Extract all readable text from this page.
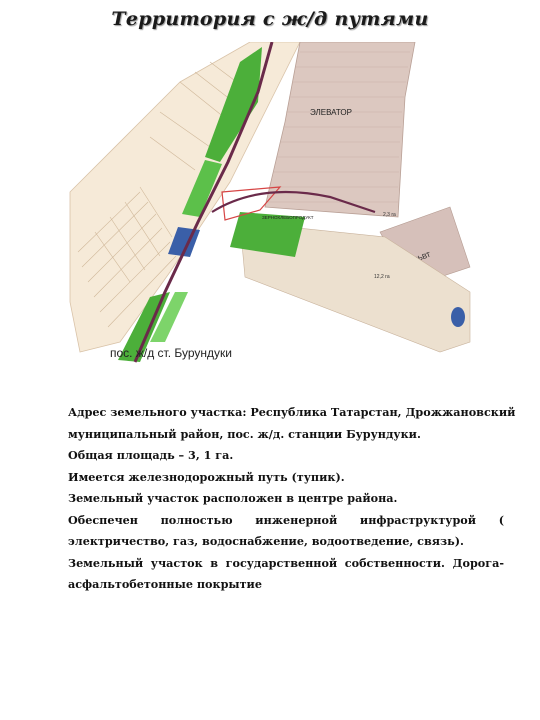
Территория с ж/д путями
ЭЛЕВАТОР
12,2 га
ЗЕРНОХЛЕБОПРОДУКТ	2,3 га
пос. ж/д ст. Бурундуки
Адрес земельного участка: Республика Татарстан, Дрожжановский
муниципальный район, пос. ж/д. станции Бурундуки.
Общая площадь – 3, 1 га.
Имеется железнодорожный путь (тупик).
Земельный участок расположен в центре района.
Обеспечен полностью инженерной инфраструктурой (
электричество, газ, водоснабжение, водоотведение, связь).
Земельный участок в государственной собственности. Дорога-
асфальтобетонные покрытие
